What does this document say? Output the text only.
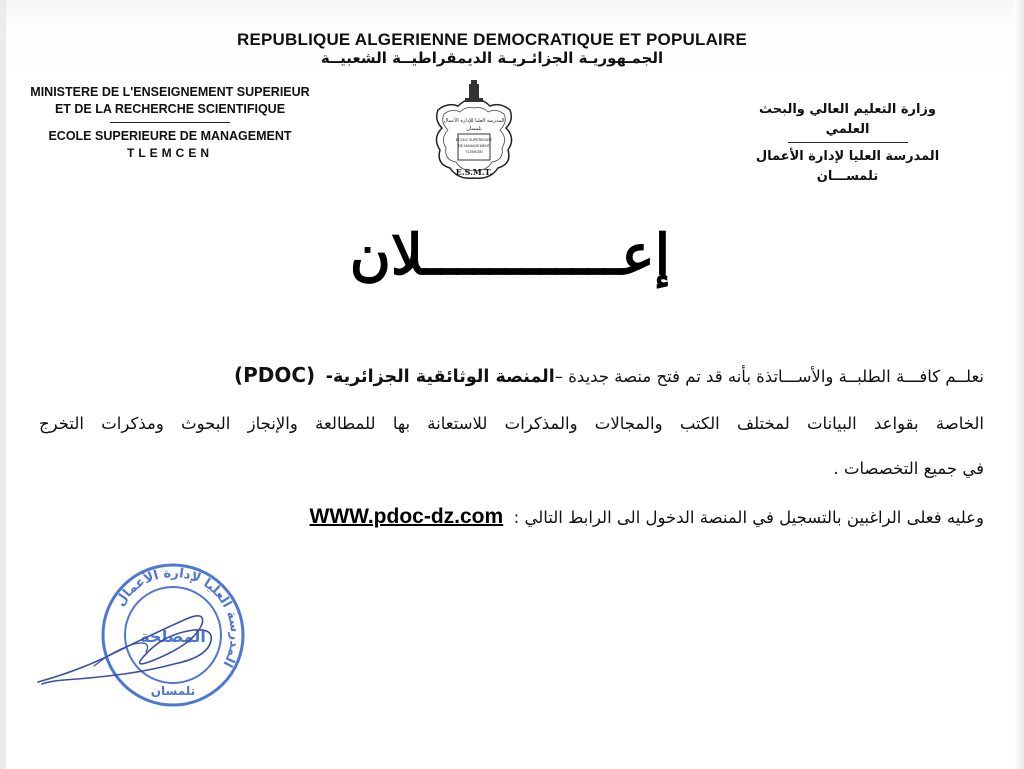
REPUBLIQUE ALGERIENNE DEMOCRATIQUE ET POPULAIRE
الجمـهوريـة الجزائـريـة الديمقراطيــة الشعبيــة
MINISTERE DE L'ENSEIGNEMENT SUPERIEUR
ET DE LA RECHERCHE SCIENTIFIQUE
ECOLE SUPERIEURE DE MANAGEMENT
TLEMCEN
المدرسة العليا للإدارة الأعمال
تلمسان
ECOLE SUPERIEURE
DE MANAGEMENT
TLEMCEN
E.S.M.T.
وزارة التعليم العالي والبحث العلمي
المدرسة العليا لإدارة الأعمال
تلمســـان
إعــــــــــــلان
نعلــم كافـــة الطلبــة والأســـاتذة بأنه قد تم فتح منصة جديدة –المنصة الوثائقية الجزائرية-  (PDOC)
الخاصة بقواعد البيانات لمختلف الكتب والمجالات والمذكرات للاستعانة بها للمطالعة والإنجاز البحوث ومذكرات التخرج
في جميع التخصصات .
وعليه فعلى الراغبين بالتسجيل في المنصة الدخول الى الرابط التالي :  WWW.pdoc-dz.com
المدرسة العليا لإدارة الأعمال
تلمسان
المصلحة
